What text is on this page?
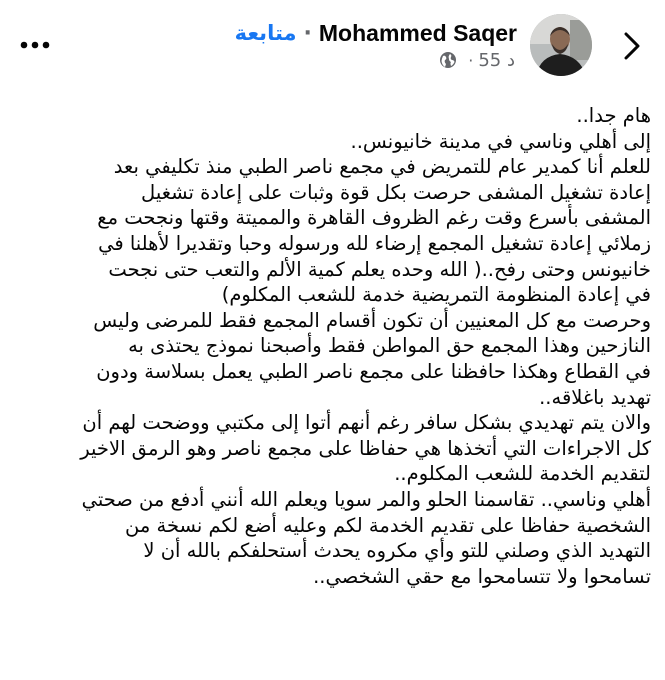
متابعة · Mohammed Saqer
· 55 د
هام جدا..
إلى أهلي وناسي في مدينة خانيونس..
للعلم أنا كمدير عام للتمريض في مجمع ناصر الطبي منذ تكليفي بعد
إعادة تشغيل المشفى حرصت بكل قوة وثبات على إعادة تشغيل
المشفى بأسرع وقت رغم الظروف القاهرة والمميتة وقتها ونجحت مع
زملائي إعادة تشغيل المجمع إرضاء لله ورسوله وحبا وتقديرا لأهلنا في
خانيونس وحتى رفح..( الله وحده يعلم كمية الألم والتعب حتى نجحت
في إعادة المنظومة التمريضية خدمة للشعب المكلوم)
وحرصت مع كل المعنيين أن تكون أقسام المجمع فقط للمرضى وليس
النازحين وهذا المجمع حق المواطن فقط وأصبحنا نموذج يحتذى به
في القطاع وهكذا حافظنا على مجمع ناصر الطبي يعمل بسلاسة ودون
تهديد باغلاقه..
والان يتم تهديدي بشكل سافر رغم أنهم أتوا إلى مكتبي ووضحت لهم أن
كل الاجراءات التي أتخذها هي حفاظا على مجمع ناصر وهو الرمق الاخير
لتقديم الخدمة للشعب المكلوم..
أهلي وناسي.. تقاسمنا الحلو والمر سويا ويعلم الله أنني أدفع من صحتي
الشخصية حفاظا على تقديم الخدمة لكم وعليه أضع لكم نسخة من
التهديد الذي وصلني للتو وأي مكروه يحدث أستحلفكم بالله أن لا
تسامحوا ولا تتسامحوا مع حقي الشخصي..
